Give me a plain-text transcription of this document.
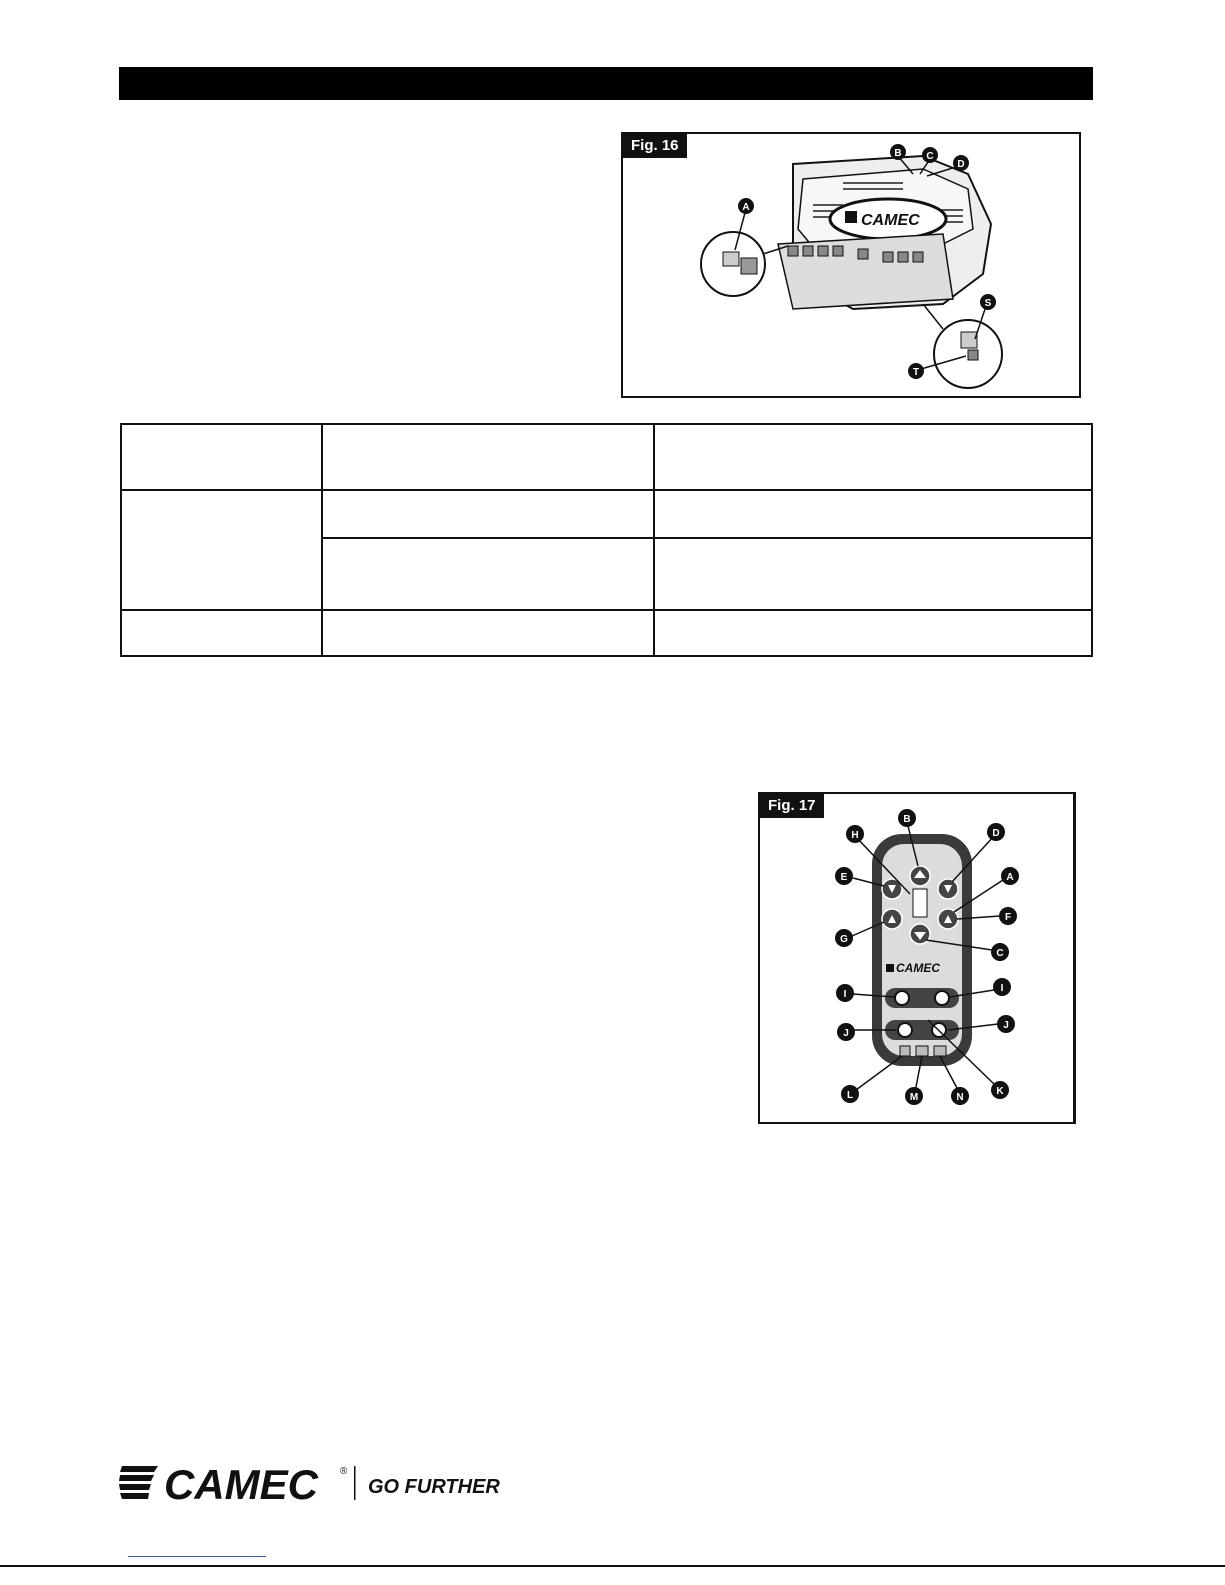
CAMEC
A
B C
D
S
T
Fig. 16

CAMEC
B
H	D
E	A
F
G
C
I
I
J
J
L	M	N
K
Fig. 17
CAMEC ®
GO FURTHER
